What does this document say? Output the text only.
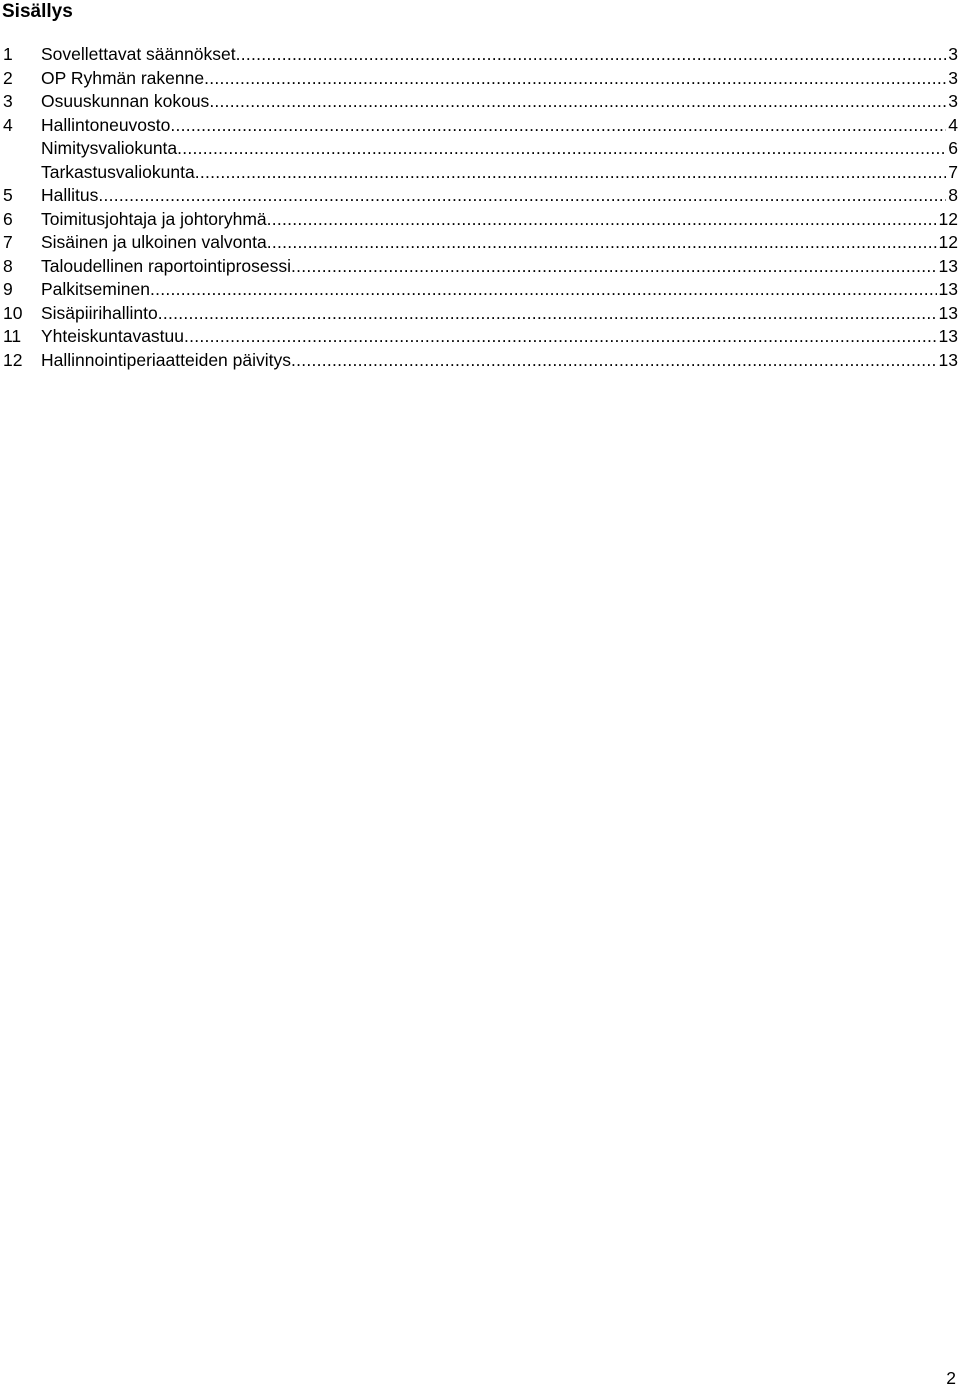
Sisällys
1	Sovellettavat säännökset . . .	3
2	OP Ryhmän rakenne . . .	3
3	Osuuskunnan kokous . . .	3
4	Hallintoneuvosto . . .	4
Nimitysvaliokunta . . .	6
Tarkastusvaliokunta . . .	7
5	Hallitus . . .	8
6	Toimitusjohtaja ja johtoryhmä . . .	12
7	Sisäinen ja ulkoinen valvonta . . .	12
8	Taloudellinen raportointiprosessi . . .	13
9	Palkitseminen . . .	13
10	Sisäpiirihallinto . . .	13
11	Yhteiskuntavastuu . . .	13
12	Hallinnointiperiaatteiden päivitys . . .	13
2
